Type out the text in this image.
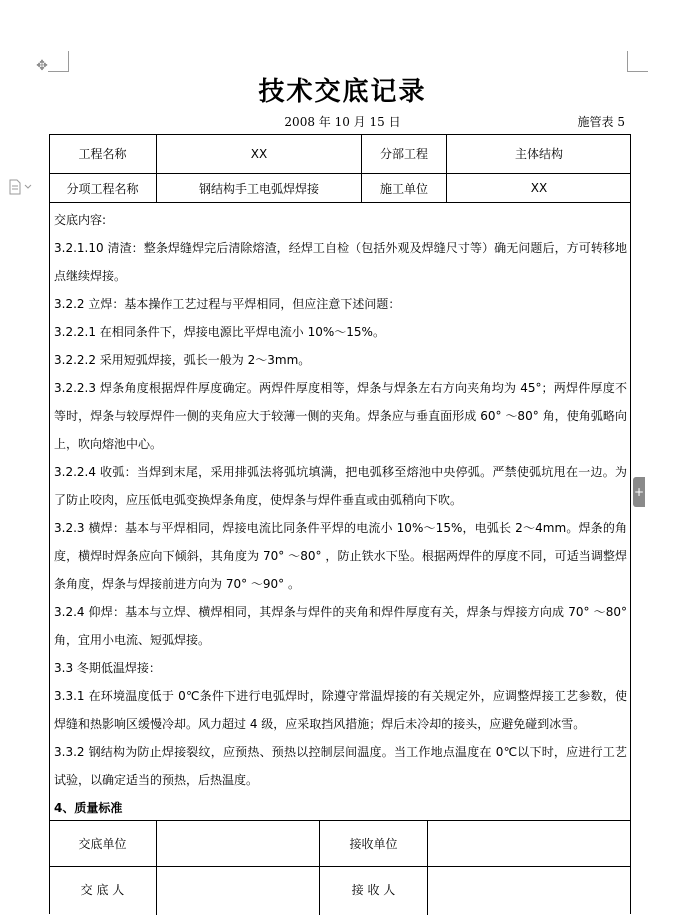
✥
+
技术交底记录
2008 年 10 月 15 日	施管表 5
工程名称	XX	分部工程	主体结构
分项工程名称	钢结构手工电弧焊焊接	施工单位	XX

交底内容:

3.2.1.10 清渣：整条焊缝焊完后清除熔渣，经焊工自检（包括外观及焊缝尺寸等）确无问题后，方可转移地点继续焊接。

3.2.2 立焊：基本操作工艺过程与平焊相同，但应注意下述问题：

3.2.2.1 在相同条件下，焊接电源比平焊电流小 10%～15%。

3.2.2.2 采用短弧焊接，弧长一般为 2～3mm。

3.2.2.3 焊条角度根据焊件厚度确定。两焊件厚度相等，焊条与焊条左右方向夹角均为 45°；两焊件厚度不等时，焊条与较厚焊件一侧的夹角应大于较薄一侧的夹角。焊条应与垂直面形成 60° ～80° 角，使角弧略向上，吹向熔池中心。

3.2.2.4 收弧：当焊到末尾，采用排弧法将弧坑填满，把电弧移至熔池中央停弧。严禁使弧坑甩在一边。为了防止咬肉，应压低电弧变换焊条角度，使焊条与焊件垂直或由弧稍向下吹。

3.2.3 横焊：基本与平焊相同，焊接电流比同条件平焊的电流小 10%～15%，电弧长 2～4mm。焊条的角度，横焊时焊条应向下倾斜，其角度为 70° ～80° ，防止铁水下坠。根据两焊件的厚度不同，可适当调整焊条角度，焊条与焊接前进方向为 70° ～90° 。

3.2.4 仰焊：基本与立焊、横焊相同，其焊条与焊件的夹角和焊件厚度有关，焊条与焊接方向成 70° ～80° 角，宜用小电流、短弧焊接。

3.3 冬期低温焊接：

3.3.1 在环境温度低于 0℃条件下进行电弧焊时，除遵守常温焊接的有关规定外，应调整焊接工艺参数，使焊缝和热影响区缓慢冷却。风力超过 4 级，应采取挡风措施；焊后未冷却的接头，应避免碰到冰雪。

3.3.2 钢结构为防止焊接裂纹，应预热、预热以控制层间温度。当工作地点温度在 0℃以下时，应进行工艺试验，以确定适当的预热，后热温度。

4、质量标准

交底单位	接收单位
交 底 人	接 收 人
